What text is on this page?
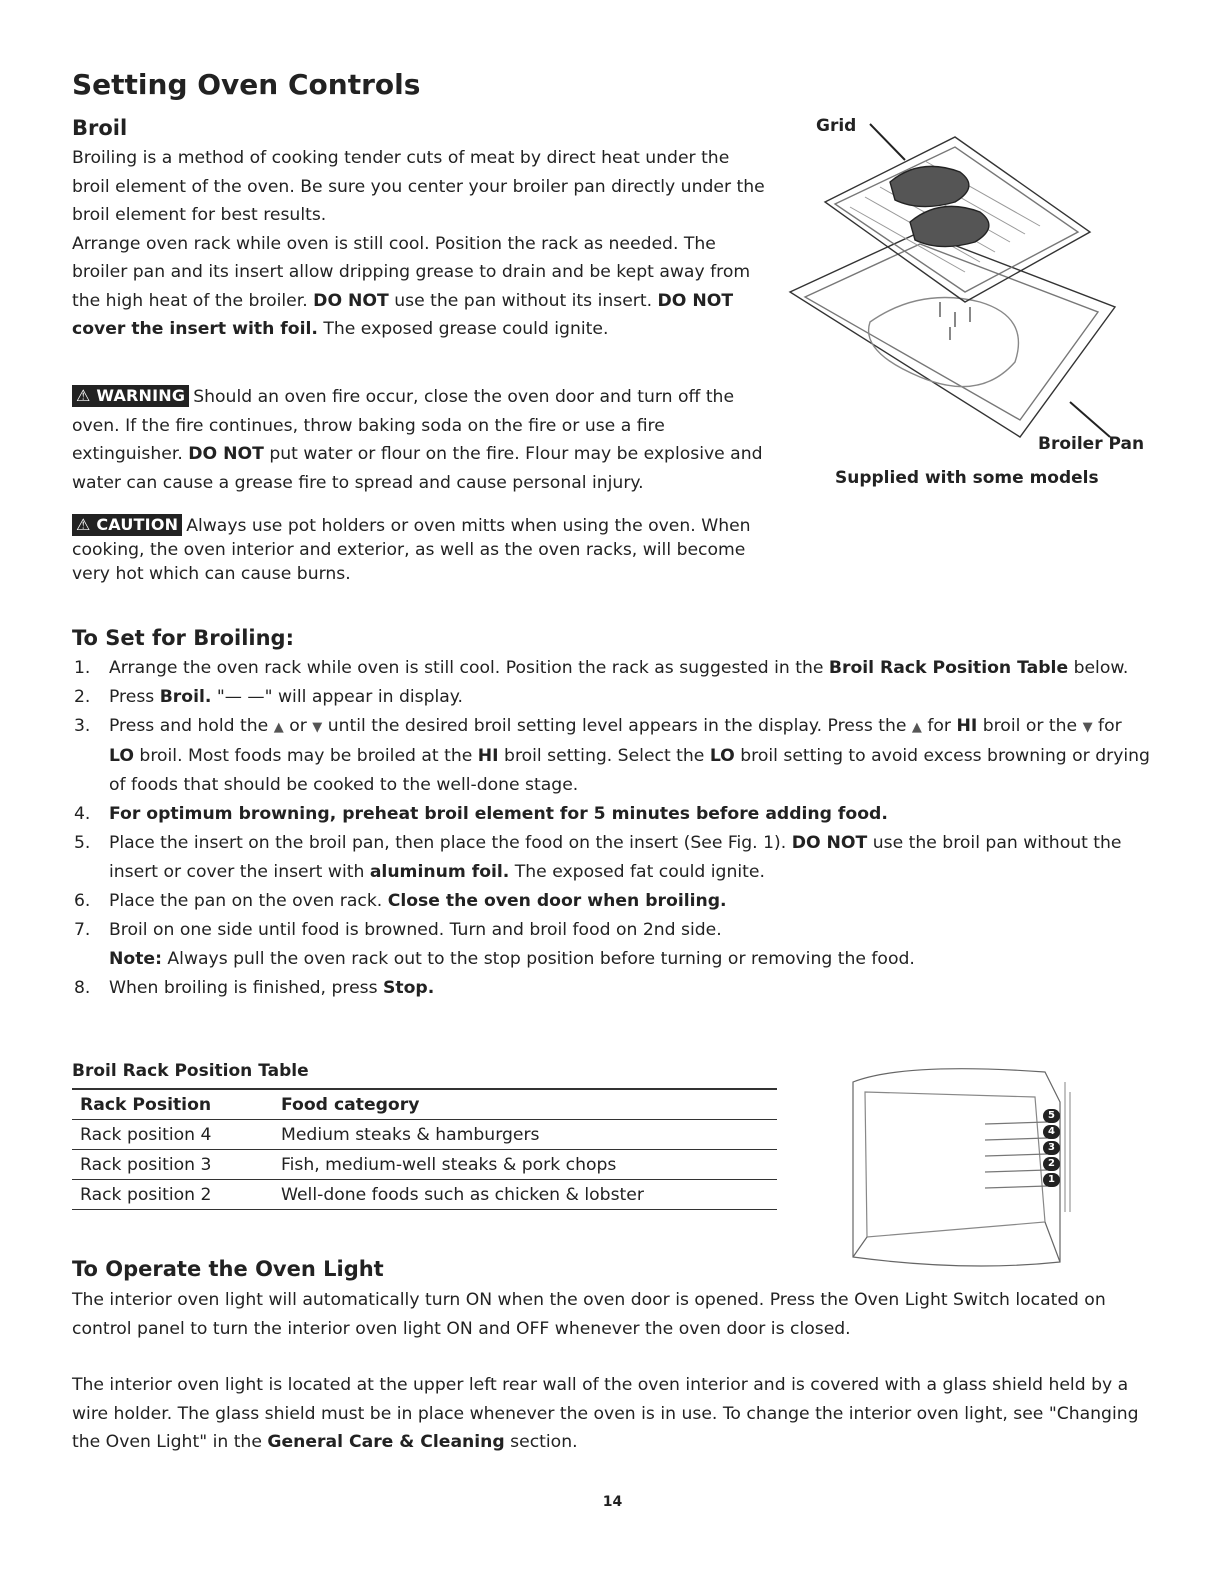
Setting Oven Controls
Broil

Broiling is a method of cooking tender cuts of meat by direct heat under the broil element of the oven. Be sure you center your broiler pan directly under the broil element for best results.

Arrange oven rack while oven is still cool. Position the rack as needed. The broiler pan and its insert allow dripping grease to drain and be kept away from the high heat of the broiler. DO NOT use the pan without its insert. DO NOT cover the insert with foil. The exposed grease could ignite.

⚠ WARNING Should an oven fire occur, close the oven door and turn off the oven. If the fire continues, throw baking soda on the fire or use a fire extinguisher. DO NOT put water or flour on the fire. Flour may be explosive and water can cause a grease fire to spread and cause personal injury.

⚠ CAUTION Always use pot holders or oven mitts when using the oven. When cooking, the oven interior and exterior, as well as the oven racks, will become very hot which can cause burns.

Grid
Broiler Pan
Supplied with some models
To Set for Broiling:
1. Arrange the oven rack while oven is still cool. Position the rack as suggested in the Broil Rack Position Table below.
2. Press Broil. "— —" will appear in display.
3. Press and hold the ▲ or ▼ until the desired broil setting level appears in the display. Press the ▲ for HI broil or the ▼ for LO broil. Most foods may be broiled at the HI broil setting. Select the LO broil setting to avoid excess browning or drying of foods that should be cooked to the well-done stage.
4. For optimum browning, preheat broil element for 5 minutes before adding food.
5. Place the insert on the broil pan, then place the food on the insert (See Fig. 1). DO NOT use the broil pan without the insert or cover the insert with aluminum foil. The exposed fat could ignite.
6. Place the pan on the oven rack. Close the oven door when broiling.
7. Broil on one side until food is browned. Turn and broil food on 2nd side.
Note: Always pull the oven rack out to the stop position before turning or removing the food.
8. When broiling is finished, press Stop.
Broil Rack Position Table
Rack Position	Food category
Rack position 4	Medium steaks & hamburgers
Rack position 3	Fish, medium-well steaks & pork chops
Rack position 2	Well-done foods such as chicken & lobster
5
4
3
2
1
To Operate the Oven Light

The interior oven light will automatically turn ON when the oven door is opened. Press the Oven Light Switch located on control panel to turn the interior oven light ON and OFF whenever the oven door is closed.

The interior oven light is located at the upper left rear wall of the oven interior and is covered with a glass shield held by a wire holder. The glass shield must be in place whenever the oven is in use. To change the interior oven light, see "Changing the Oven Light" in the General Care & Cleaning section.

14
